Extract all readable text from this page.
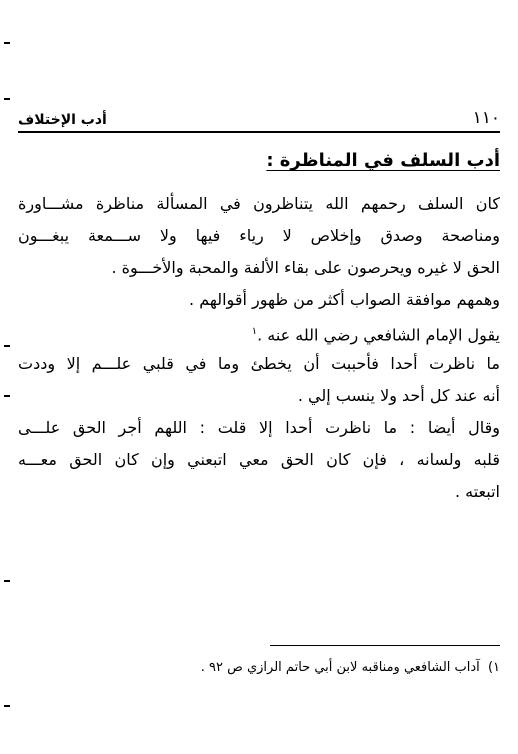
١١٠
أدب الإختلاف
أدب السلف في المناظرة :
كان السلف رحمهم الله يتناظرون في المسألة مناظرة مشـــاورة
ومناصحة وصدق وإخلاص لا رياء فيها ولا ســـمعة يبغـــون
الحق لا غيره ويحرصون على بقاء الألفة والمحبة والأخـــوة .
وهمهم موافقة الصواب أكثر من ظهور أقوالهم .
يقول الإمام الشافعي رضي الله عنه .$^١$
ما ناظرت أحدا فأحببت أن يخطئ وما في قلبي علـــم إلا وددت
أنه عند كل أحد ولا ينسب إلي .
وقال أيضا : ما ناظرت أحدا إلا قلت : اللهم أجر الحق علـــى
قلبه ولسانه ، فإن كان الحق معي اتبعني وإن كان الحق معـــه
اتبعته .
١) آداب الشافعي ومناقبه لابن أبي حاتم الرازي ص ٩٢ .
